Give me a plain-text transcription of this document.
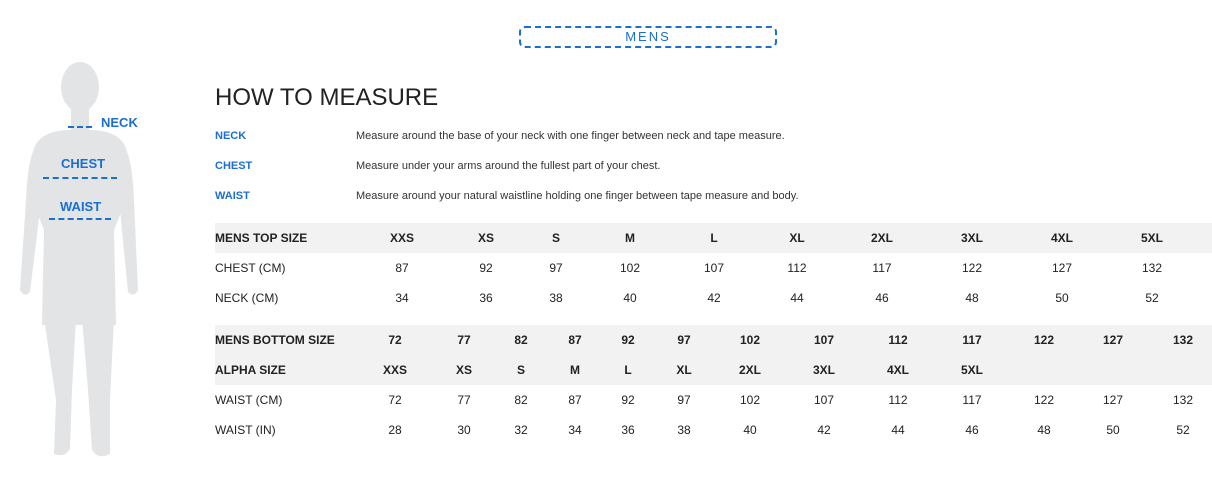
MENS
NECK
CHEST
WAIST
HOW TO MEASURE
NECK	Measure around the base of your neck with one finger between neck and tape measure.
CHEST	Measure under your arms around the fullest part of your chest.
WAIST	Measure around your natural waistline holding one finger between tape measure and body.
MENS TOP SIZE	XXS	XS	S	M	L	XL	2XL	3XL	4XL	5XL
CHEST (CM)	87	92	97	102	107	112	117	122	127	132
NECK (CM)	34	36	38	40	42	44	46	48	50	52
MENS BOTTOM SIZE	72	77	82	87	92	97	102	107	112	117	122	127	132
ALPHA SIZE	XXS	XS	S	M	L	XL	2XL	3XL	4XL	5XL
WAIST (CM)	72	77	82	87	92	97	102	107	112	117	122	127	132
WAIST (IN)	28	30	32	34	36	38	40	42	44	46	48	50	52
